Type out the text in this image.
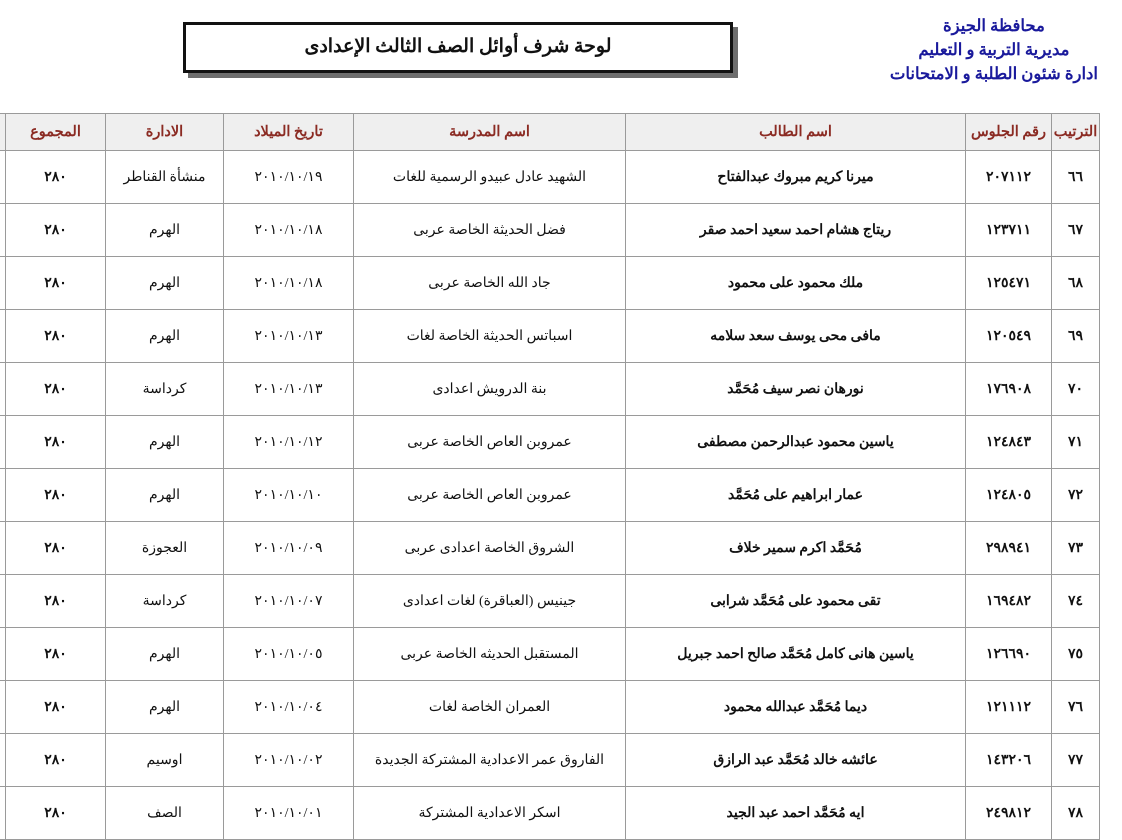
محافظة الجيزة
مديرية التربية و التعليم
ادارة شئون الطلبة و الامتحانات
لوحة شرف أوائل الصف الثالث الإعدادى
الترتيب	رقم الجلوس	اسم الطالب	اسم المدرسة	تاريخ الميلاد	الادارة	المجموع	
٦٦	٢٠٧١١٢	ميرنا كريم مبروك عبدالفتاح	الشهيد عادل عبيدو الرسمية للغات	٢٠١٠/١٠/١٩	منشأة القناطر	٢٨٠	
٦٧	١٢٣٧١١	ريتاج هشام احمد سعيد احمد صقر	فضل الحديثة الخاصة عربى	٢٠١٠/١٠/١٨	الهرم	٢٨٠	
٦٨	١٢٥٤٧١	ملك محمود على محمود	جاد الله الخاصة عربى	٢٠١٠/١٠/١٨	الهرم	٢٨٠	
٦٩	١٢٠٥٤٩	مافى محى يوسف سعد سلامه	اسباتس الحديثة الخاصة لغات	٢٠١٠/١٠/١٣	الهرم	٢٨٠	
٧٠	١٧٦٩٠٨	نورهان نصر سيف مُحَمَّد	بنة الدرويش اعدادى	٢٠١٠/١٠/١٣	كرداسة	٢٨٠	
٧١	١٢٤٨٤٣	ياسين محمود عبدالرحمن مصطفى	عمروبن العاص الخاصة عربى	٢٠١٠/١٠/١٢	الهرم	٢٨٠	
٧٢	١٢٤٨٠٥	عمار ابراهيم على مُحَمَّد	عمروبن العاص الخاصة عربى	٢٠١٠/١٠/١٠	الهرم	٢٨٠	
٧٣	٢٩٨٩٤١	مُحَمَّد اكرم سمير خلاف	الشروق الخاصة اعدادى عربى	٢٠١٠/١٠/٠٩	العجوزة	٢٨٠	
٧٤	١٦٩٤٨٢	تقى محمود على مُحَمَّد شرابى	جينيس (العباقرة) لغات اعدادى	٢٠١٠/١٠/٠٧	كرداسة	٢٨٠	
٧٥	١٢٦٦٩٠	ياسين هانى كامل مُحَمَّد صالح احمد جبريل	المستقبل الحديثه الخاصة عربى	٢٠١٠/١٠/٠٥	الهرم	٢٨٠	
٧٦	١٢١١١٢	ديما مُحَمَّد عبدالله محمود	العمران الخاصة لغات	٢٠١٠/١٠/٠٤	الهرم	٢٨٠	
٧٧	١٤٣٢٠٦	عائشه خالد مُحَمَّد عبد الرازق	الفاروق عمر الاعدادية المشتركة الجديدة	٢٠١٠/١٠/٠٢	اوسيم	٢٨٠	
٧٨	٢٤٩٨١٢	ايه مُحَمَّد احمد عبد الجيد	اسكر الاعدادية المشتركة	٢٠١٠/١٠/٠١	الصف	٢٨٠	
